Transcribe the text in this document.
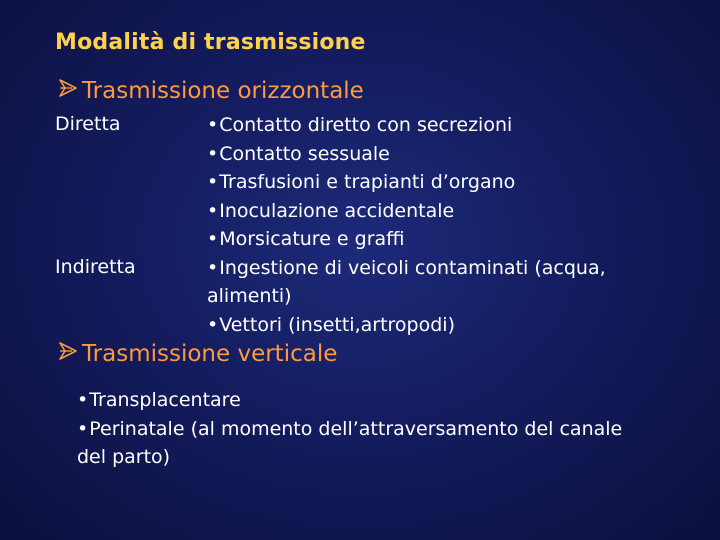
Modalità di trasmissione
Trasmissione orizzontale
Diretta
Indiretta
•Contatto diretto con secrezioni
•Contatto sessuale
•Trasfusioni e trapianti d’organo
•Inoculazione accidentale
•Morsicature e graffi
•Ingestione di veicoli contaminati (acqua, alimenti)
•Vettori (insetti,artropodi)
Trasmissione verticale
•Transplacentare
•Perinatale (al momento dell’attraversamento del canale del parto)
